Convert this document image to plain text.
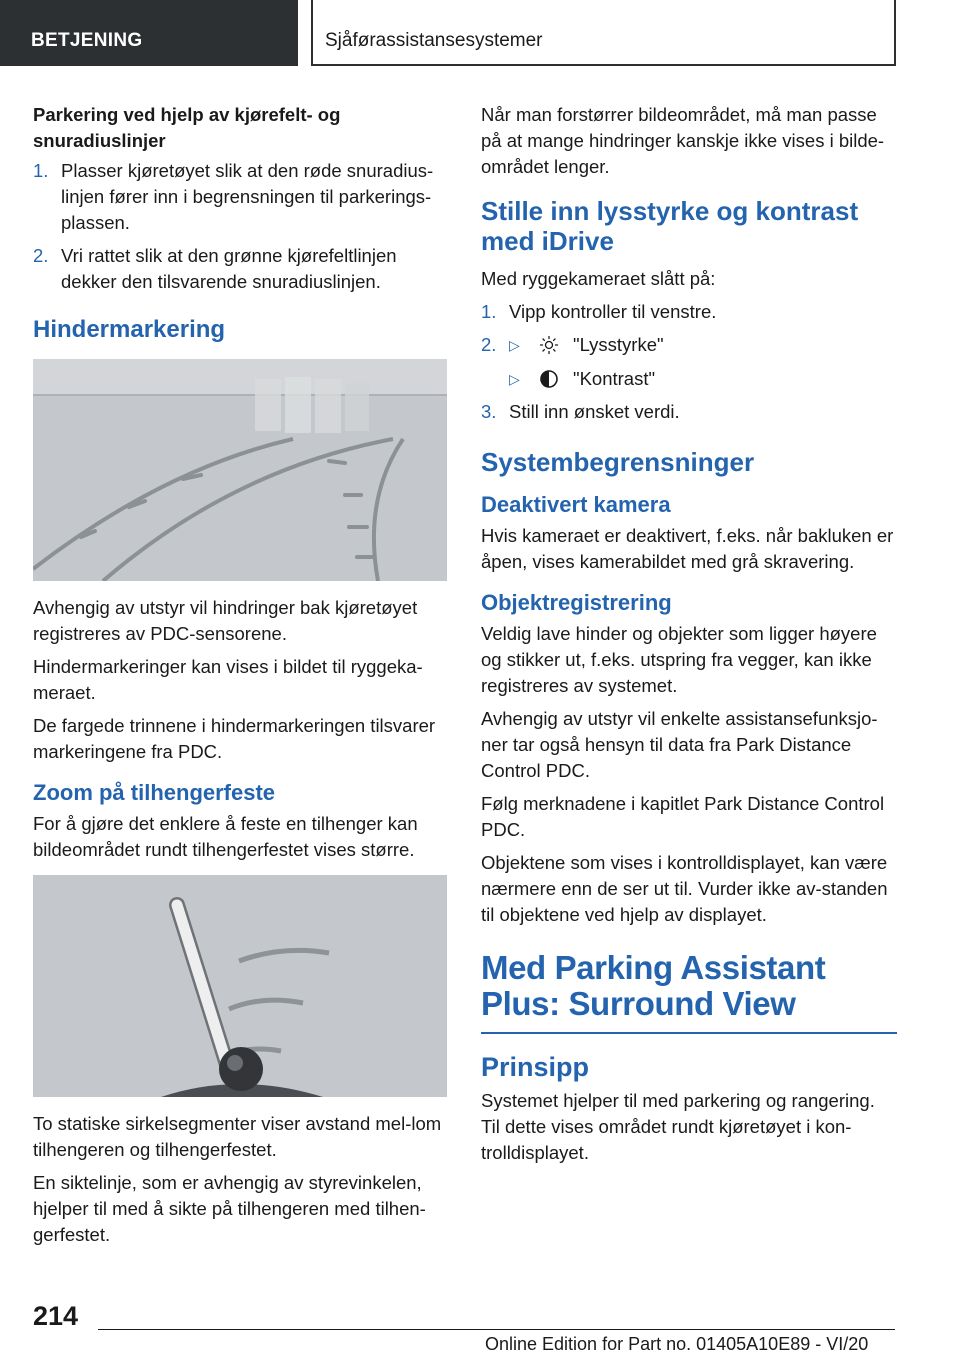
BETJENING	Sjåførassistansesystemer
Parkering ved hjelp av kjørefelt- og snuradiuslinjer
1. Plasser kjøretøyet slik at den røde snuradius-linjen fører inn i begrensningen til parkerings-plassen.
2. Vri rattet slik at den grønne kjørefeltlinjen dekker den tilsvarende snuradiuslinjen.
Hindermarkering

Avhengig av utstyr vil hindringer bak kjøretøyet registreres av PDC-sensorene.

Hindermarkeringer kan vises i bildet til ryggeka-meraet.

De fargede trinnene i hindermarkeringen tilsvarer markeringene fra PDC.

Zoom på tilhengerfeste

For å gjøre det enklere å feste en tilhenger kan bildeområdet rundt tilhengerfestet vises større.

To statiske sirkelsegmenter viser avstand mel-lom tilhengeren og tilhengerfestet.

En siktelinje, som er avhengig av styrevinkelen, hjelper til med å sikte på tilhengeren med tilhen-gerfestet.

Når man forstørrer bildeområdet, må man passe på at mange hindringer kanskje ikke vises i bilde-området lenger.

Stille inn lysstyrke og kontrast med iDrive

Med ryggekameraet slått på:

1. Vipp kontroller til venstre.
2. ▷	"Lysstyrke"
▷	"Kontrast"
3. Still inn ønsket verdi.
Systembegrensninger
Deaktivert kamera

Hvis kameraet er deaktivert, f.eks. når bakluken er åpen, vises kamerabildet med grå skravering.

Objektregistrering

Veldig lave hinder og objekter som ligger høyere og stikker ut, f.eks. utspring fra vegger, kan ikke registreres av systemet.

Avhengig av utstyr vil enkelte assistansefunksjo-ner tar også hensyn til data fra Park Distance Control PDC.

Følg merknadene i kapitlet Park Distance Control PDC.

Objektene som vises i kontrolldisplayet, kan være nærmere enn de ser ut til. Vurder ikke av-standen til objektene ved hjelp av displayet.

Med Parking Assistant Plus: Surround View
Prinsipp

Systemet hjelper til med parkering og rangering. Til dette vises området rundt kjøretøyet i kon-trolldisplayet.

214
Online Edition for Part no. 01405A10E89 - VI/20
